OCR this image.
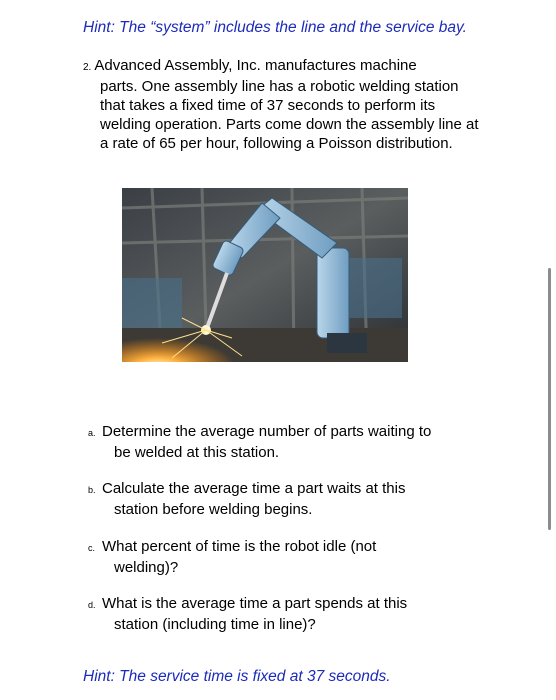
Hint: The “system” includes the line and the service bay.
2. Advanced Assembly, Inc. manufactures machine
parts. One assembly line has a robotic welding station that takes a fixed time of 37 seconds to perform its welding operation. Parts come down the assembly line at a rate of 65 per hour, following a Poisson distribution.
a. Determine the average number of parts waiting to
be welded at this station.
b. Calculate the average time a part waits at this
station before welding begins.
c. What percent of time is the robot idle (not
welding)?
d. What is the average time a part spends at this
station (including time in line)?
Hint: The service time is fixed at 37 seconds.
